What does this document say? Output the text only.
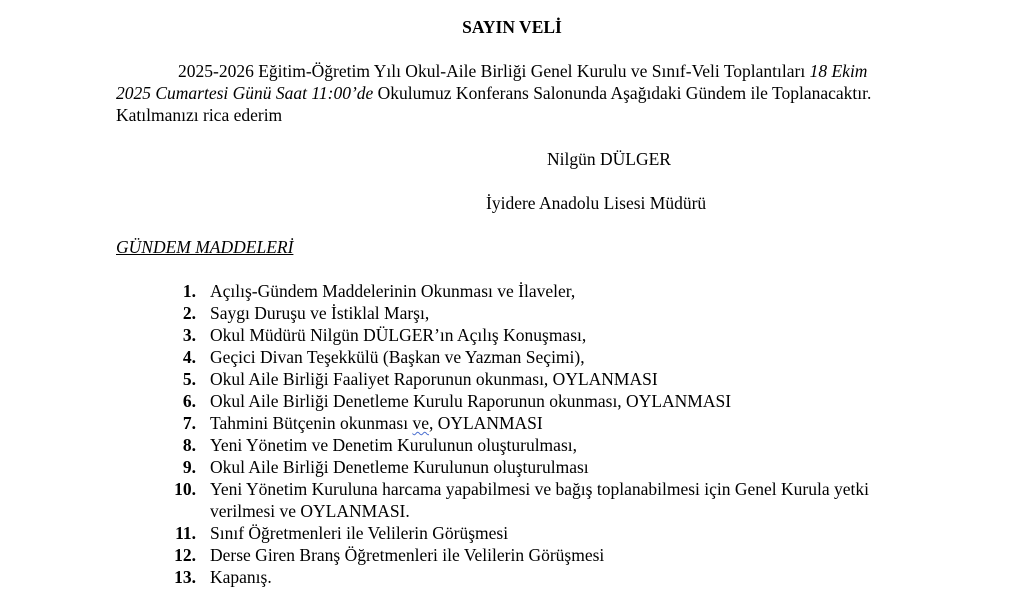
SAYIN VELİ

2025-2026 Eğitim-Öğretim Yılı Okul-Aile Birliği Genel Kurulu ve Sınıf-Veli Toplantıları 18 Ekim 2025 Cumartesi Günü Saat 11:00’de Okulumuz Konferans Salonunda Aşağıdaki Gündem ile Toplanacaktır. Katılmanızı rica ederim

Nilgün DÜLGER
İyidere Anadolu Lisesi Müdürü
GÜNDEM MADDELERİ
1. Açılış-Gündem Maddelerinin Okunması ve İlaveler,
2. Saygı Duruşu ve İstiklal Marşı,
3. Okul Müdürü Nilgün DÜLGER’ın Açılış Konuşması,
4. Geçici Divan Teşekkülü (Başkan ve Yazman Seçimi),
5. Okul Aile Birliği Faaliyet Raporunun okunması, OYLANMASI
6. Okul Aile Birliği Denetleme Kurulu Raporunun okunması, OYLANMASI
7. Tahmini Bütçenin okunması ve, OYLANMASI
8. Yeni Yönetim ve Denetim Kurulunun oluşturulması,
9. Okul Aile Birliği Denetleme Kurulunun oluşturulması
10. Yeni Yönetim Kuruluna harcama yapabilmesi ve bağış toplanabilmesi için Genel Kurula yetki verilmesi ve OYLANMASI.
11. Sınıf Öğretmenleri ile Velilerin Görüşmesi
12. Derse Giren Branş Öğretmenleri ile Velilerin Görüşmesi
13. Kapanış.
